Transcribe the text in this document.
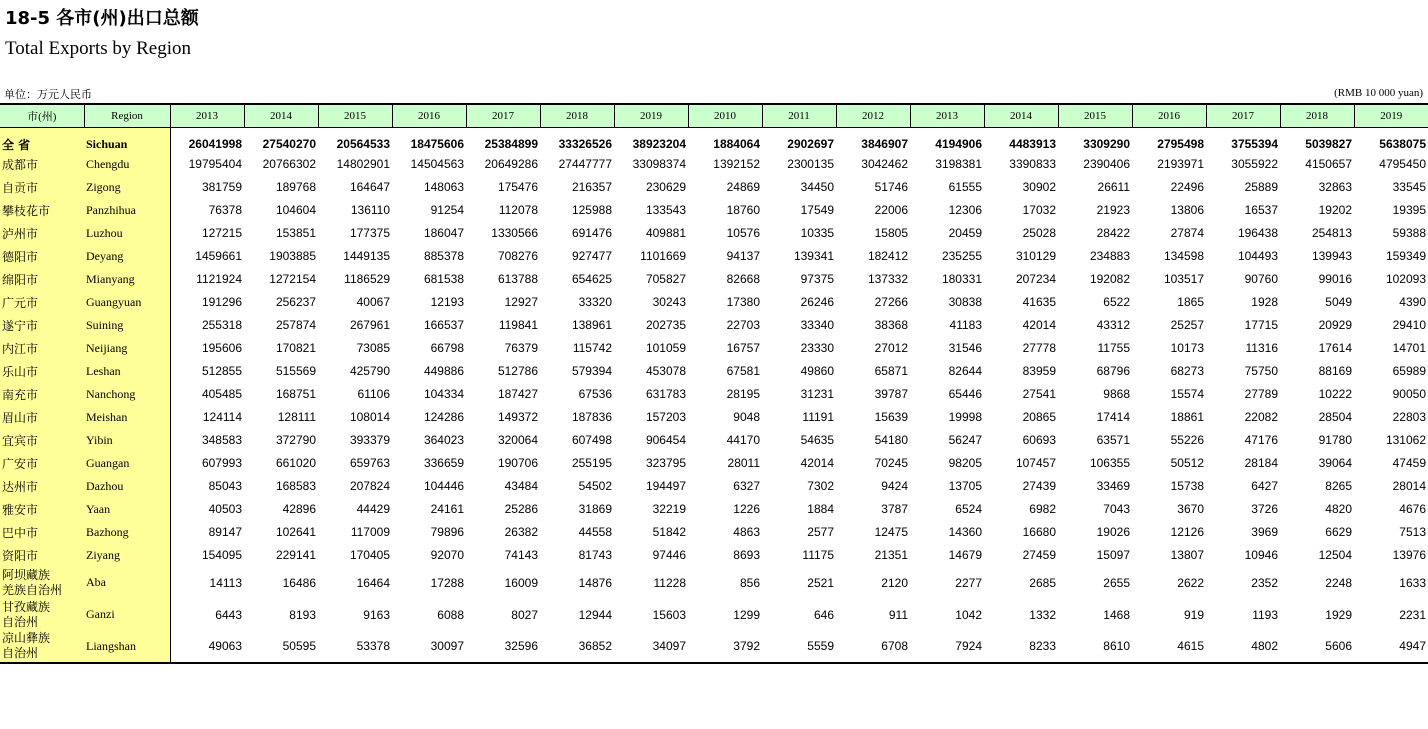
18-5 各市(州)出口总额
Total Exports by Region
单位：万元人民币	(RMB 10 000 yuan)
市(州)	Region	2013	2014	2015	2016	2017	2018	2019	2010	2011	2012	2013	2014	2015	2016	2017	2018	2019
全 省	Sichuan	26041998	27540270	20564533	18475606	25384899	33326526	38923204	1884064	2902697	3846907	4194906	4483913	3309290	2795498	3755394	5039827	5638075
成都市	Chengdu	19795404	20766302	14802901	14504563	20649286	27447777	33098374	1392152	2300135	3042462	3198381	3390833	2390406	2193971	3055922	4150657	4795450
自贡市	Zigong	381759	189768	164647	148063	175476	216357	230629	24869	34450	51746	61555	30902	26611	22496	25889	32863	33545
攀枝花市	Panzhihua	76378	104604	136110	91254	112078	125988	133543	18760	17549	22006	12306	17032	21923	13806	16537	19202	19395
泸州市	Luzhou	127215	153851	177375	186047	1330566	691476	409881	10576	10335	15805	20459	25028	28422	27874	196438	254813	59388
德阳市	Deyang	1459661	1903885	1449135	885378	708276	927477	1101669	94137	139341	182412	235255	310129	234883	134598	104493	139943	159349
绵阳市	Mianyang	1121924	1272154	1186529	681538	613788	654625	705827	82668	97375	137332	180331	207234	192082	103517	90760	99016	102093
广元市	Guangyuan	191296	256237	40067	12193	12927	33320	30243	17380	26246	27266	30838	41635	6522	1865	1928	5049	4390
遂宁市	Suining	255318	257874	267961	166537	119841	138961	202735	22703	33340	38368	41183	42014	43312	25257	17715	20929	29410
内江市	Neijiang	195606	170821	73085	66798	76379	115742	101059	16757	23330	27012	31546	27778	11755	10173	11316	17614	14701
乐山市	Leshan	512855	515569	425790	449886	512786	579394	453078	67581	49860	65871	82644	83959	68796	68273	75750	88169	65989
南充市	Nanchong	405485	168751	61106	104334	187427	67536	631783	28195	31231	39787	65446	27541	9868	15574	27789	10222	90050
眉山市	Meishan	124114	128111	108014	124286	149372	187836	157203	9048	11191	15639	19998	20865	17414	18861	22082	28504	22803
宜宾市	Yibin	348583	372790	393379	364023	320064	607498	906454	44170	54635	54180	56247	60693	63571	55226	47176	91780	131062
广安市	Guangan	607993	661020	659763	336659	190706	255195	323795	28011	42014	70245	98205	107457	106355	50512	28184	39064	47459
达州市	Dazhou	85043	168583	207824	104446	43484	54502	194497	6327	7302	9424	13705	27439	33469	15738	6427	8265	28014
雅安市	Yaan	40503	42896	44429	24161	25286	31869	32219	1226	1884	3787	6524	6982	7043	3670	3726	4820	4676
巴中市	Bazhong	89147	102641	117009	79896	26382	44558	51842	4863	2577	12475	14360	16680	19026	12126	3969	6629	7513
资阳市	Ziyang	154095	229141	170405	92070	74143	81743	97446	8693	11175	21351	14679	27459	15097	13807	10946	12504	13976
阿坝藏族
羌族自治州	Aba	14113	16486	16464	17288	16009	14876	11228	856	2521	2120	2277	2685	2655	2622	2352	2248	1633
甘孜藏族
自治州	Ganzi	6443	8193	9163	6088	8027	12944	15603	1299	646	911	1042	1332	1468	919	1193	1929	2231
凉山彝族
自治州	Liangshan	49063	50595	53378	30097	32596	36852	34097	3792	5559	6708	7924	8233	8610	4615	4802	5606	4947
